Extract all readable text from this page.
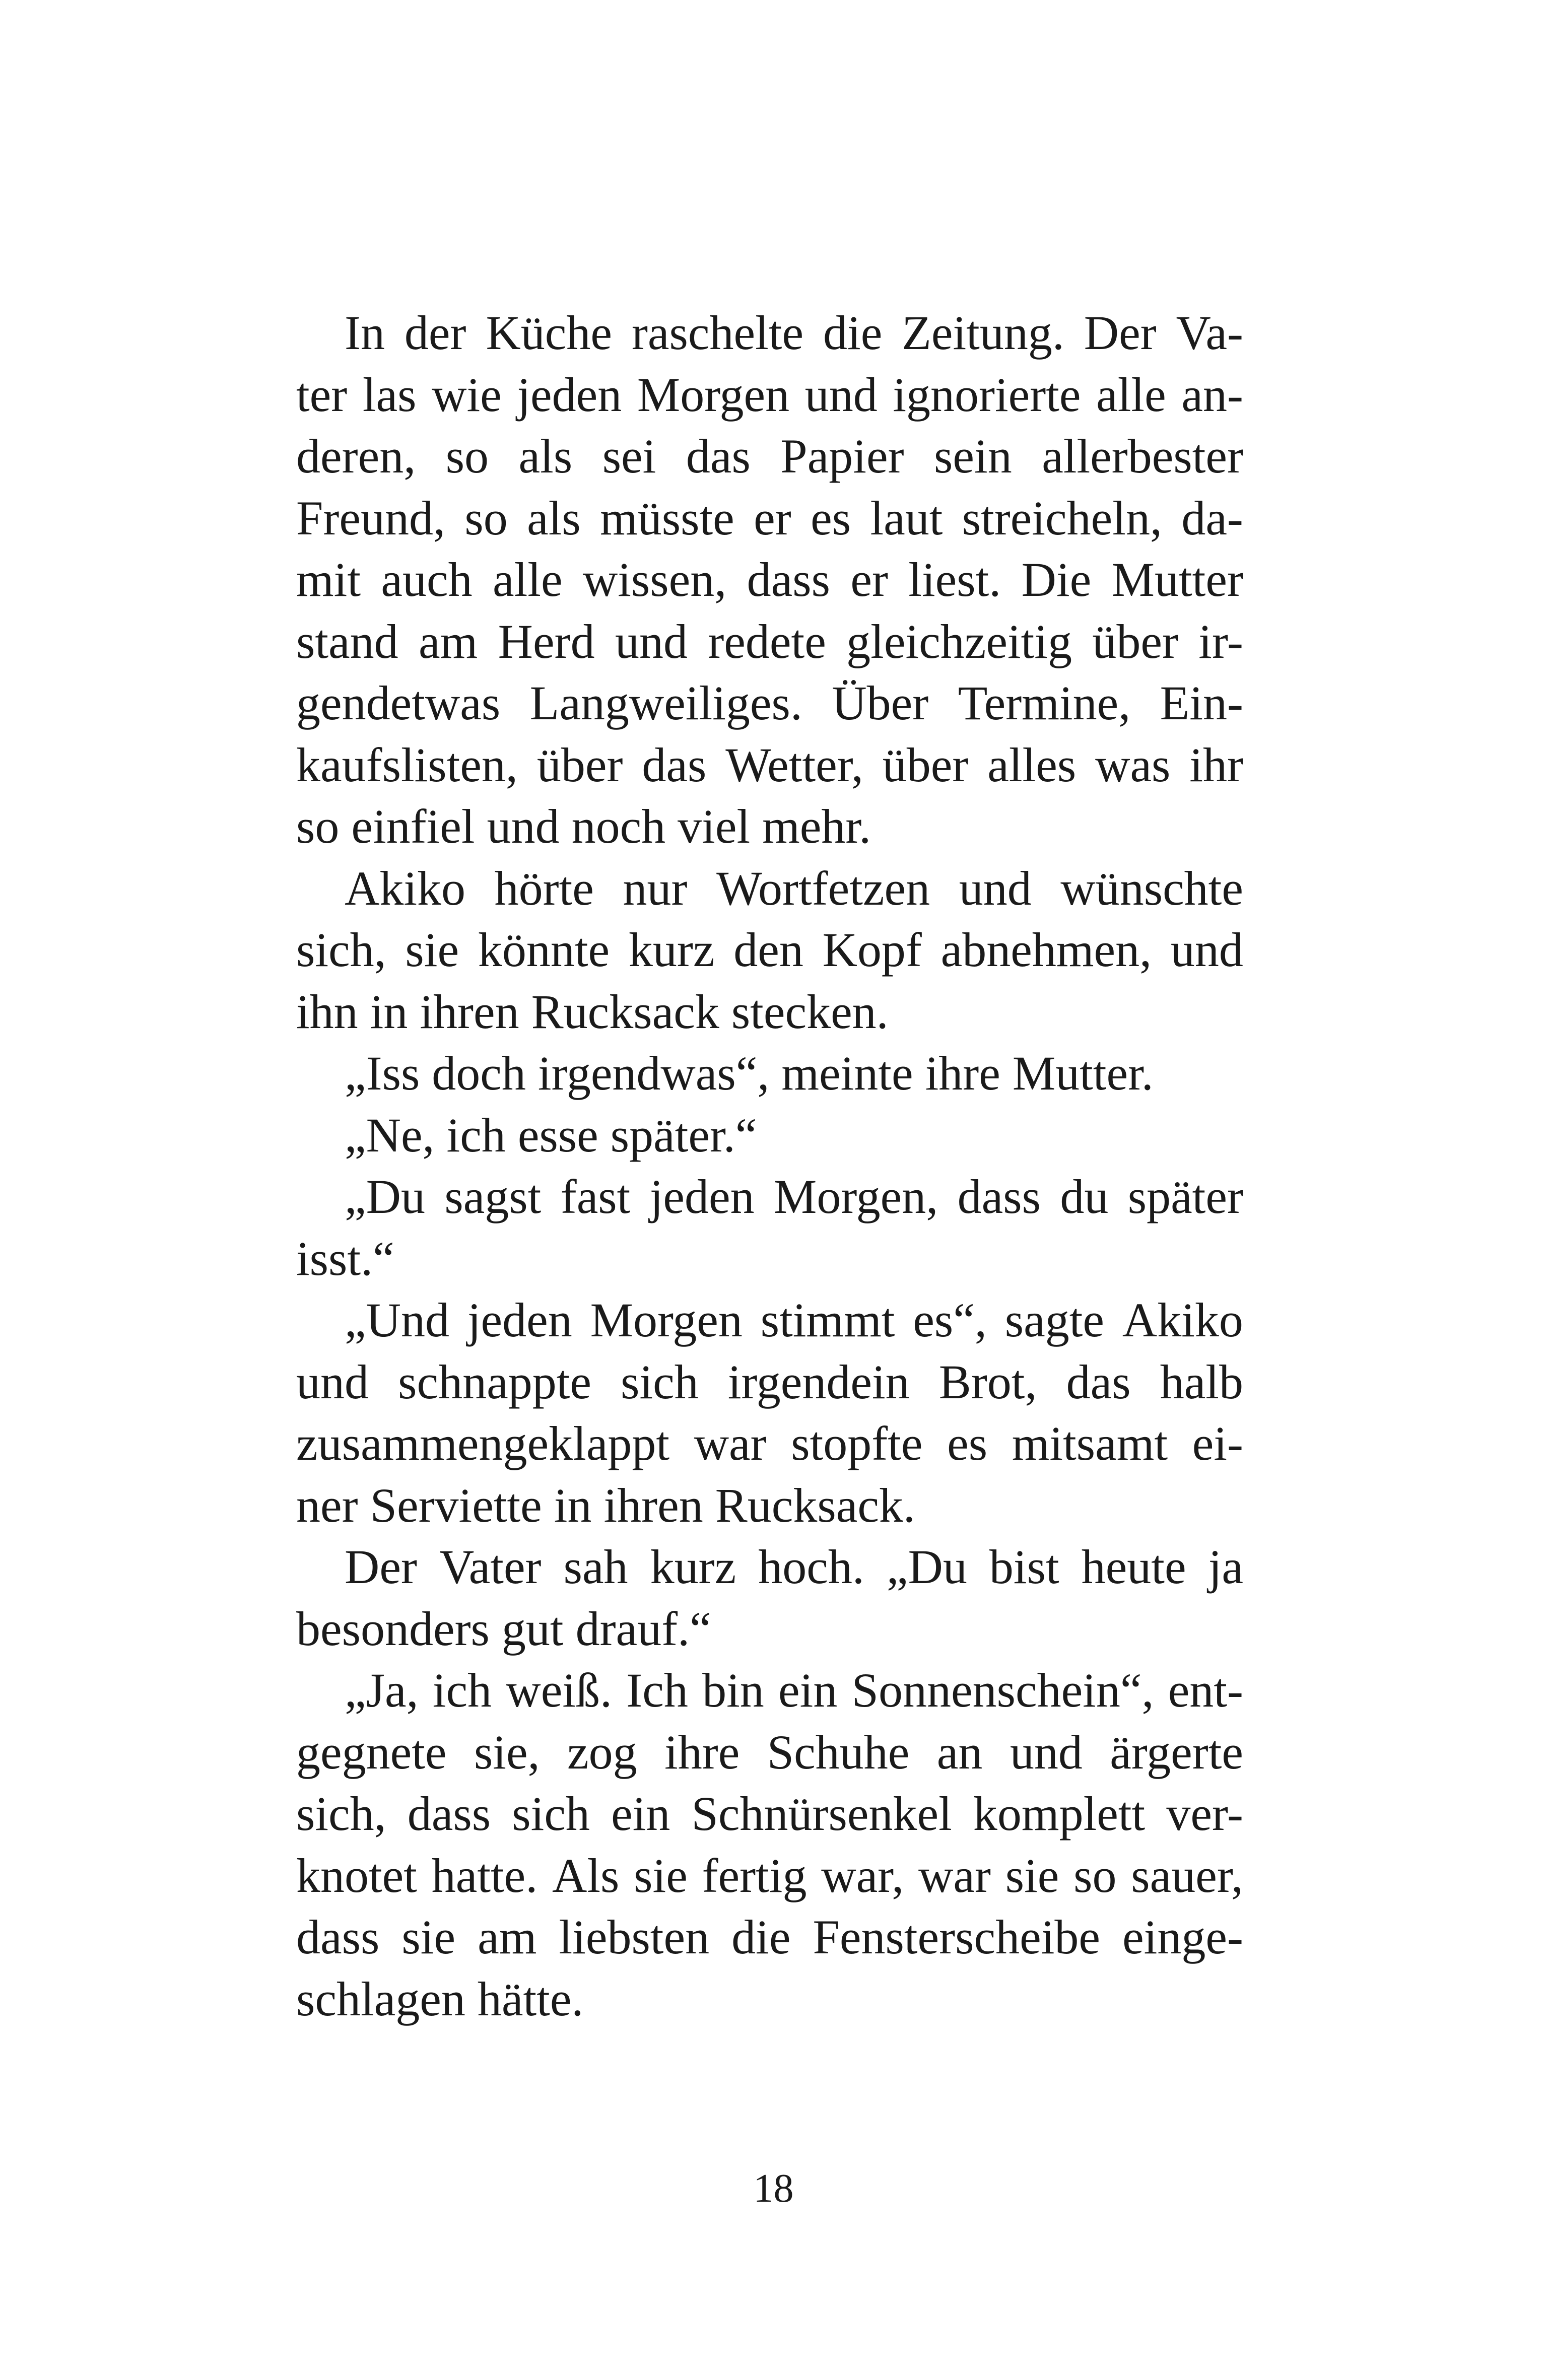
In der Küche raschelte die Zeitung. Der Va-
ter las wie jeden Morgen und ignorierte alle an-
deren, so als sei das Papier sein allerbester
Freund, so als müsste er es laut streicheln, da-
mit auch alle wissen, dass er liest. Die Mutter
stand am Herd und redete gleichzeitig über ir-
gendetwas Langweiliges. Über Termine, Ein-
kaufslisten, über das Wetter, über alles was ihr
so einfiel und noch viel mehr.
Akiko hörte nur Wortfetzen und wünschte
sich, sie könnte kurz den Kopf abnehmen, und
ihn in ihren Rucksack stecken.
„Iss doch irgendwas“, meinte ihre Mutter.
„Ne, ich esse später.“
„Du sagst fast jeden Morgen, dass du später
isst.“
„Und jeden Morgen stimmt es“, sagte Akiko
und schnappte sich irgendein Brot, das halb
zusammengeklappt war stopfte es mitsamt ei-
ner Serviette in ihren Rucksack.
Der Vater sah kurz hoch. „Du bist heute ja
besonders gut drauf.“
„Ja, ich weiß. Ich bin ein Sonnenschein“, ent-
gegnete sie, zog ihre Schuhe an und ärgerte
sich, dass sich ein Schnürsenkel komplett ver-
knotet hatte. Als sie fertig war, war sie so sauer,
dass sie am liebsten die Fensterscheibe einge-
schlagen hätte.
18
